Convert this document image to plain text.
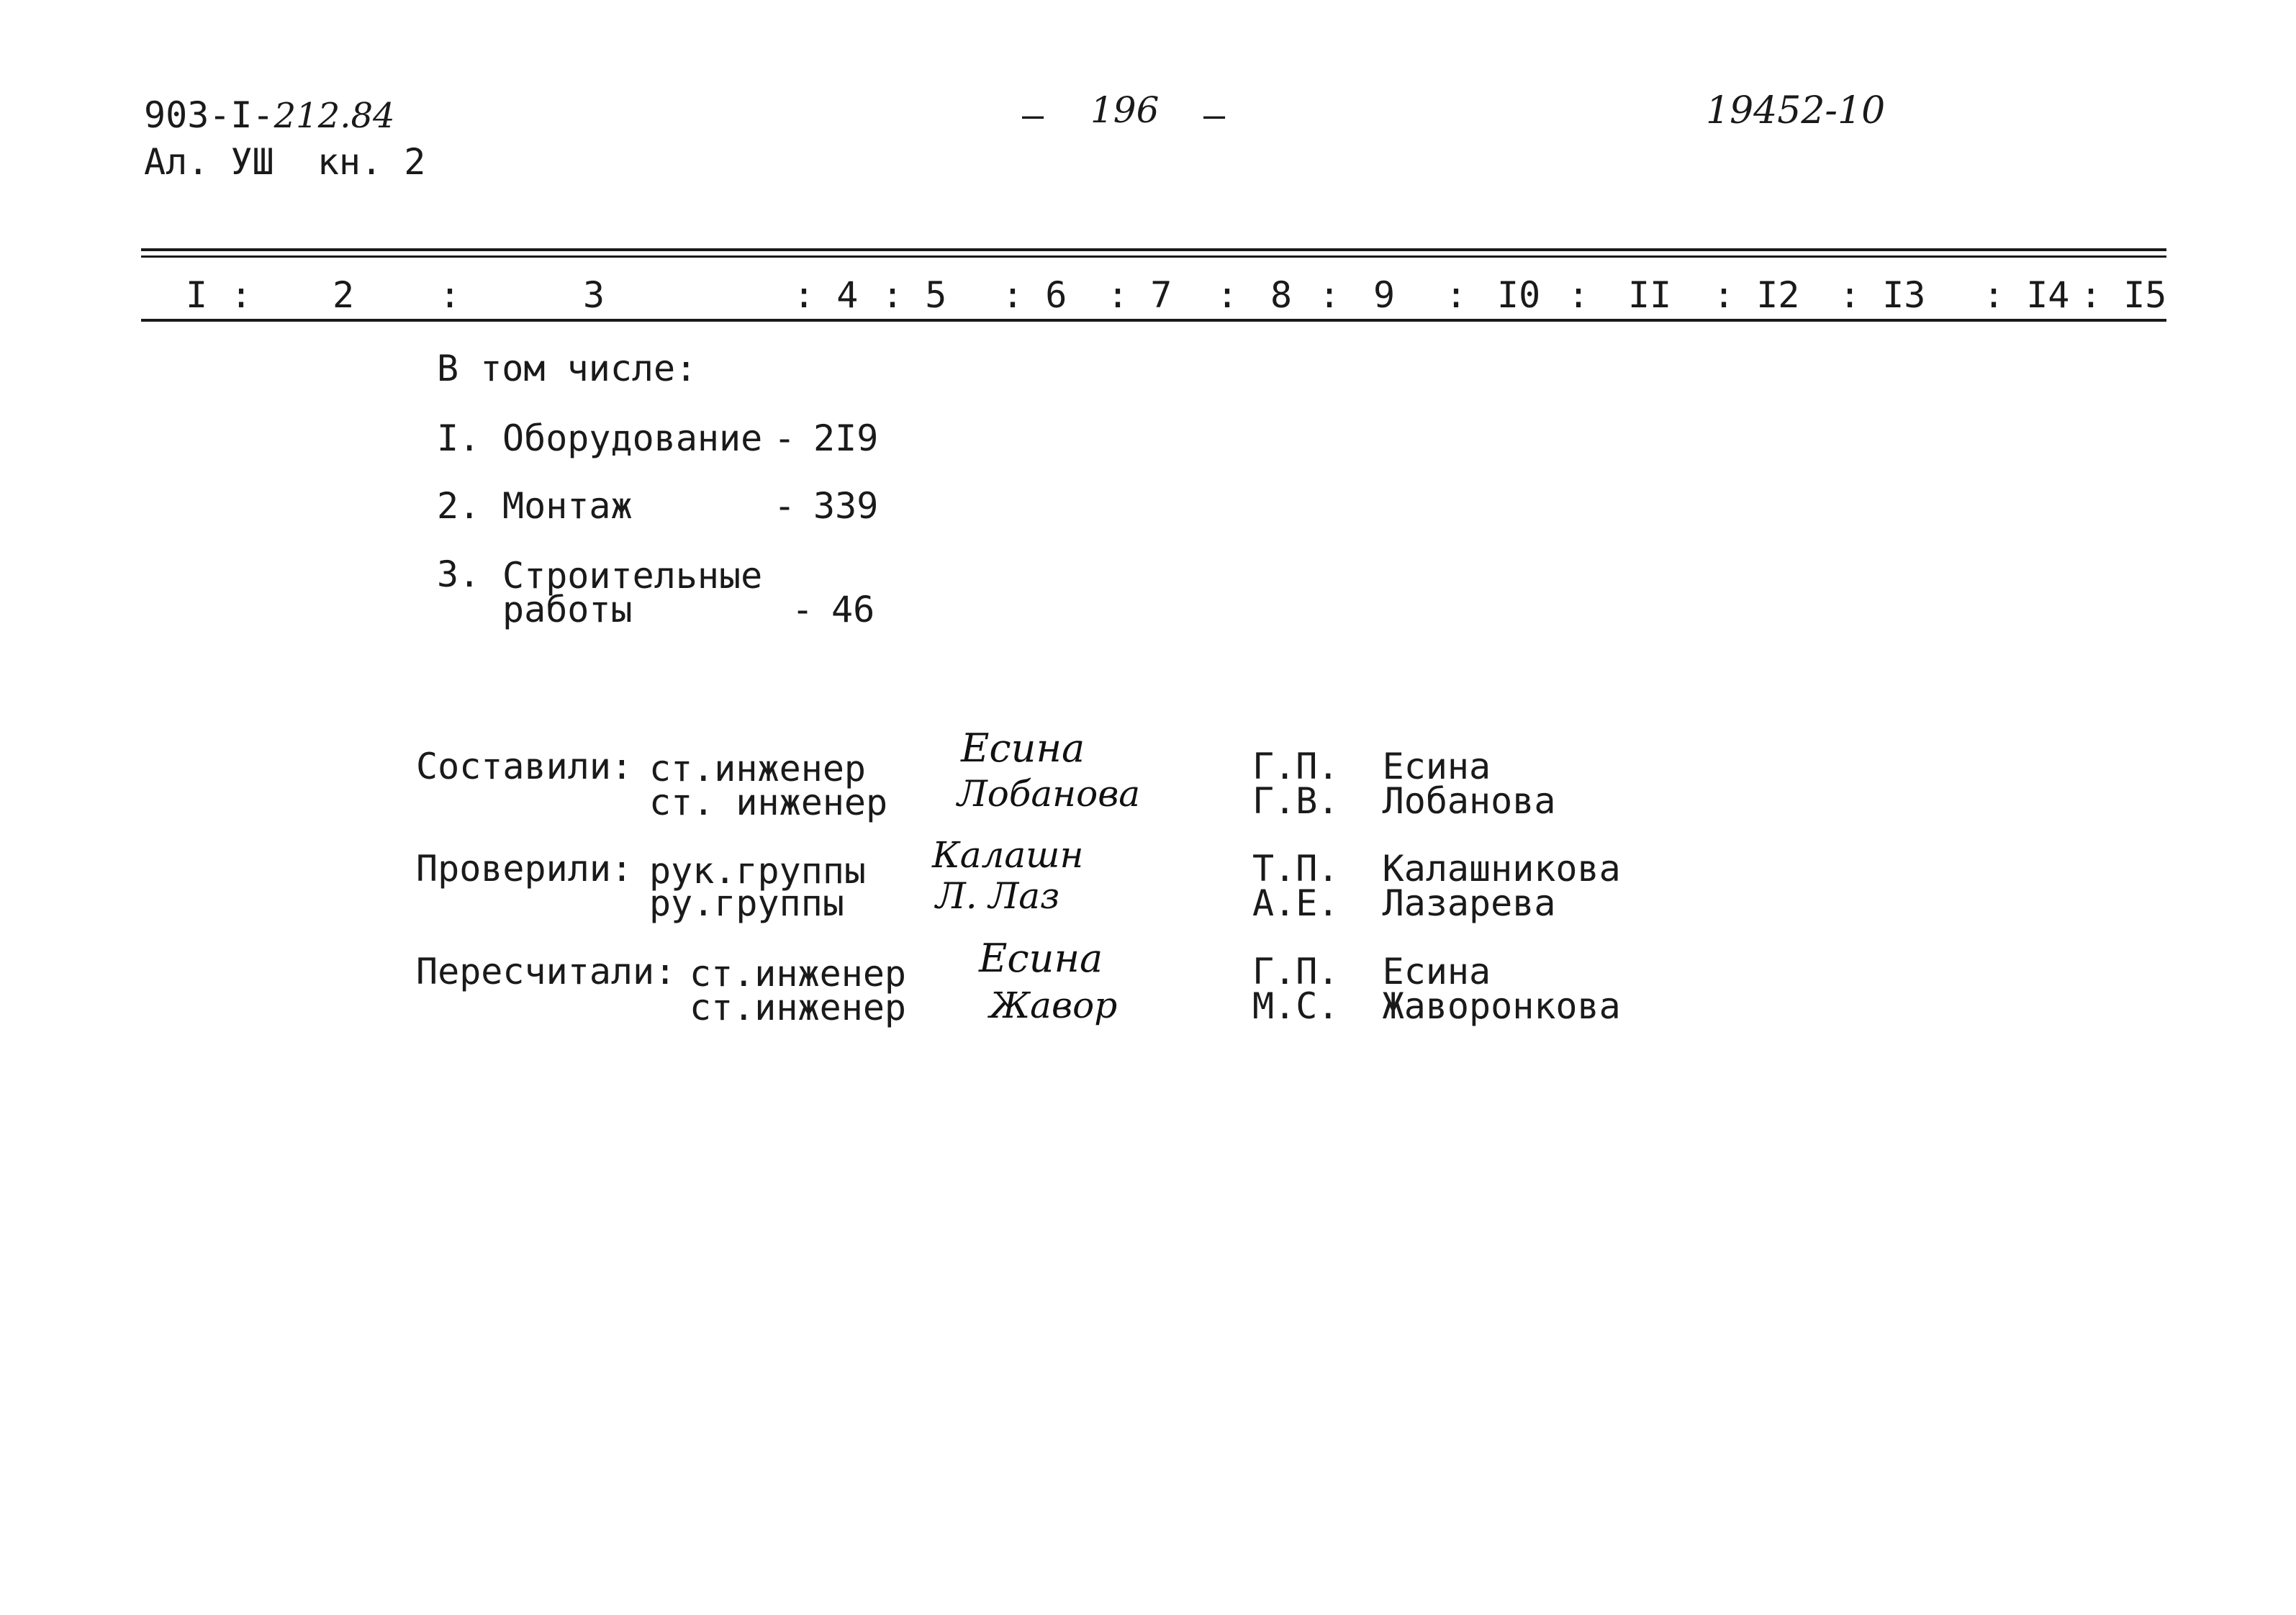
903-I-212.84
Ал. УШ  кн. 2
– 196 –	19452-10
I : 2 :	3	: 4 : 5 : 6 : 7 : 8 : 9 : I0 : II : I2 : I3 : I4 : I5
В том числе:
I. Оборудование - 2I9
2. Монтаж	- 339
3. Строительные
работы	- 46
Составили: ст.инженер Есина	Г.П.  Есина
ст. инженер Лобанова	Г.В.  Лобанова
Проверили: рук.группы Калашн	Т.П.  Калашникова
ру.группы	Л. Лаз	А.Е.  Лазарева
Пересчитали: ст.инженер Есина	Г.П.  Есина
ст.инженер Жавор	М.С.  Жаворонкова
